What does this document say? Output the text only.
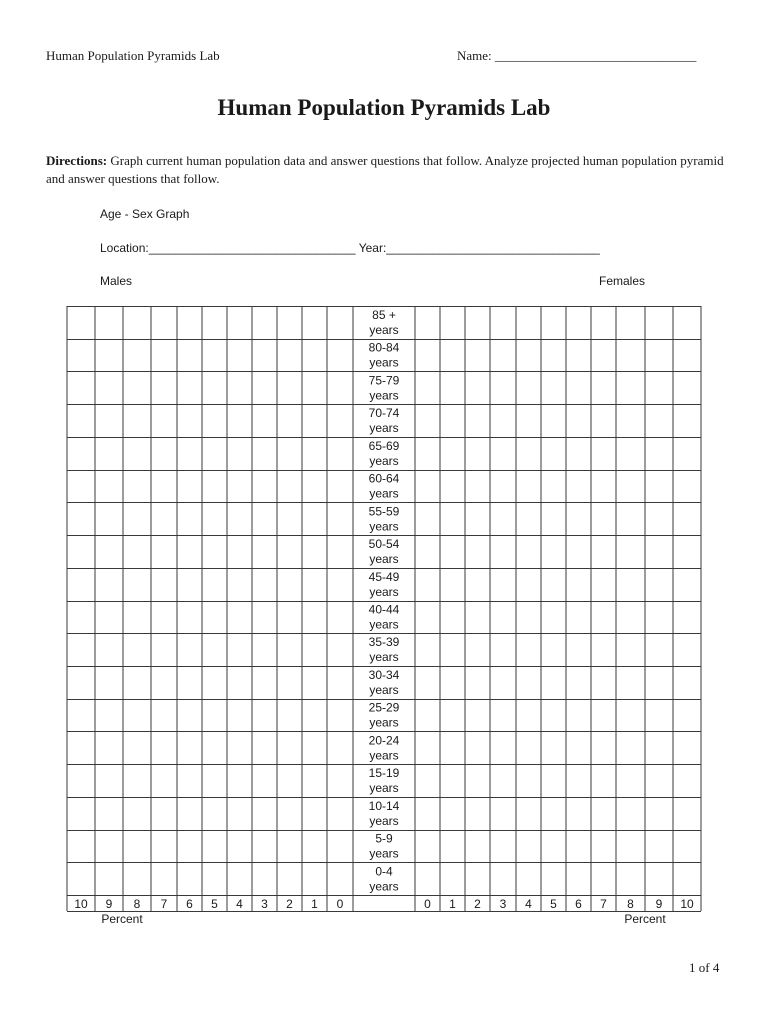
Human Population Pyramids Lab	Name: _______________________________
Human Population Pyramids Lab
Directions: Graph current human population data and answer questions that follow. Analyze projected human population pyramid and answer questions that follow.
Age - Sex Graph
Location:_______________________________ Year:________________________________
Males	Females
85 +
years
80-84
years
75-79
years
70-74
years
65-69
years
60-64
years
55-59
years
50-54
years
45-49
years
40-44
years
35-39
years
30-34
years
25-29
years
20-24
years
15-19
years
10-14
years
5-9
years
0-4
years
10 9 8 7 6 5 4 3 2 1 0	0 1 2 3 4 5 6 7 8 9 10
Percent	Percent
1 of 4
